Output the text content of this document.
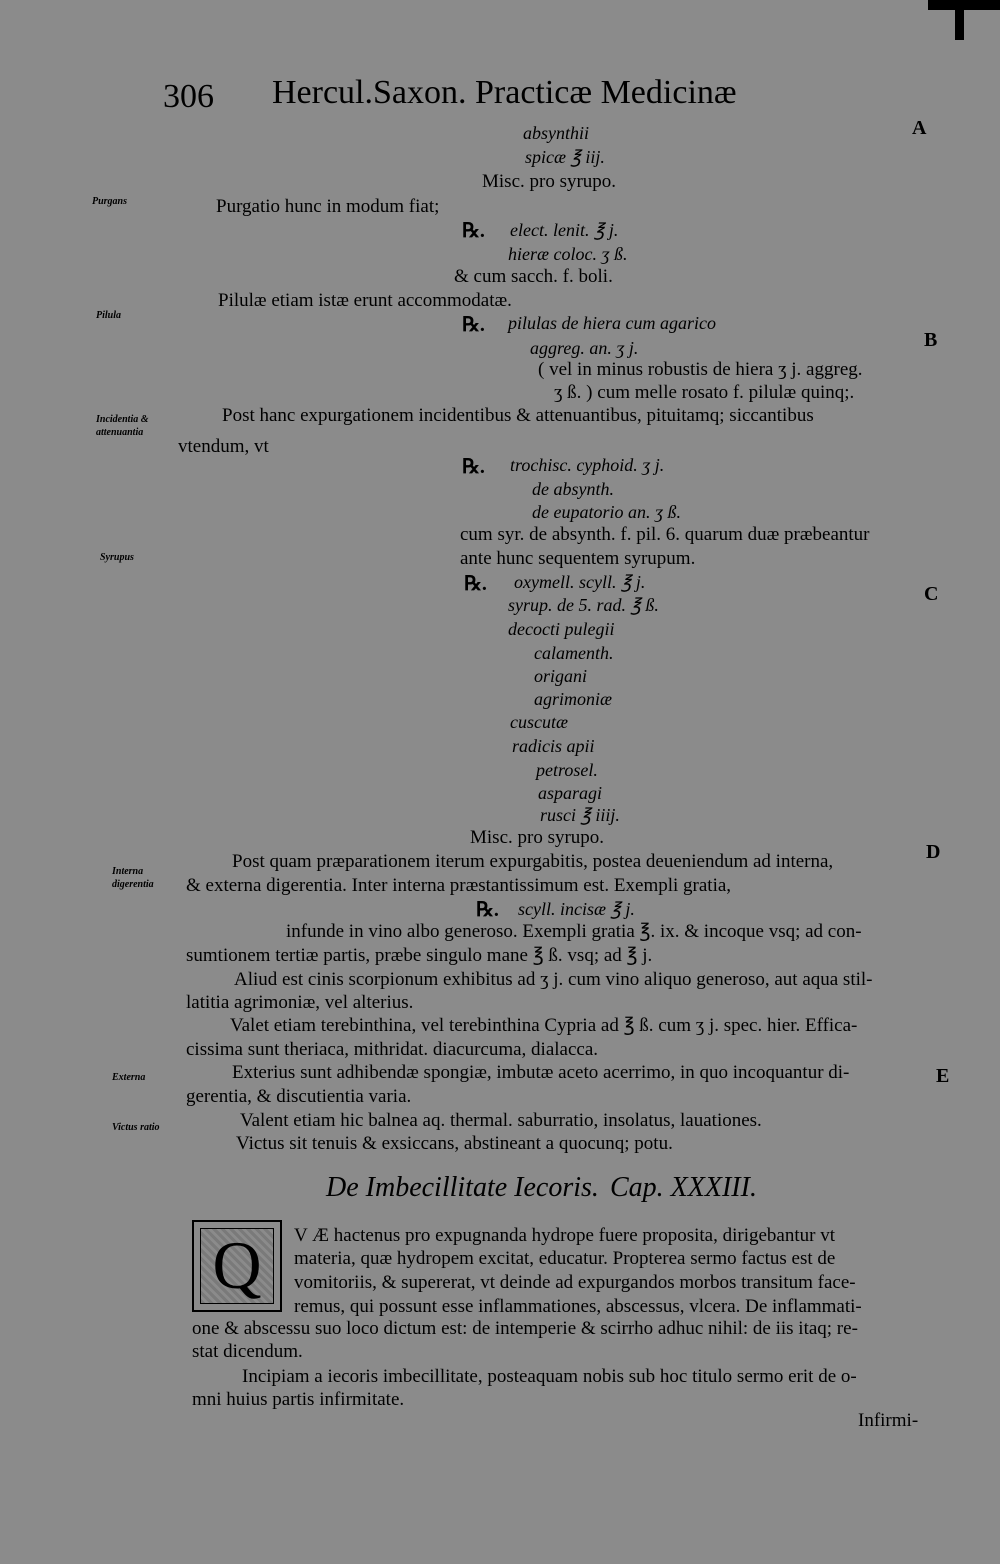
306 Hercul.Saxon. Practicæ Medicinæ
A
B
C
D
E
Purgans
Pilula
Incidentia & attenuantia
Syrupus
Interna digerentia
Externa
Victus ratio
absynthii
spicæ ℥ iij.
Misc. pro syrupo.
Purgatio hunc in modum fiat;
℞. elect. lenit. ℥ j.
hieræ coloc. ʒ ß.
& cum sacch. f. boli.
Pilulæ etiam istæ erunt accommodatæ.
℞. pilulas de hiera cum agarico
aggreg. an. ʒ j.
( vel in minus robustis de hiera ʒ j. aggreg.
ʒ ß. ) cum melle rosato f. pilulæ quinq;.
Post hanc expurgationem incidentibus & attenuantibus, pituitamq; siccantibus
vtendum, vt
℞. trochisc. cyphoid. ʒ j.
de absynth.
de eupatorio an. ʒ ß.
cum syr. de absynth. f. pil. 6. quarum duæ præbeantur
ante hunc sequentem syrupum.
℞. oxymell. scyll. ℥ j.
syrup. de 5. rad. ℥ ß.
decocti pulegii
calamenth.
origani
agrimoniæ
cuscutæ
radicis apii
petrosel.
asparagi
rusci ℥ iiij.
Misc. pro syrupo.
Post quam præparationem iterum expurgabitis, postea deueniendum ad interna,
& externa digerentia. Inter interna præstantissimum est. Exempli gratia,
℞. scyll. incisæ ℥ j.
infunde in vino albo generoso. Exempli gratia ℥. ix. & incoque vsq; ad con-
sumtionem tertiæ partis, præbe singulo mane ℥ ß. vsq; ad ℥ j.
Aliud est cinis scorpionum exhibitus ad ʒ j. cum vino aliquo generoso, aut aqua stil-
latitia agrimoniæ, vel alterius.
Valet etiam terebinthina, vel terebinthina Cypria ad ℥ ß. cum ʒ j. spec. hier. Effica-
cissima sunt theriaca, mithridat. diacurcuma, dialacca.
Exterius sunt adhibendæ spongiæ, imbutæ aceto acerrimo, in quo incoquantur di-
gerentia, & discutientia varia.
Valent etiam hic balnea aq. thermal. saburratio, insolatus, lauationes.
Victus sit tenuis & exsiccans, abstineant a quocunq; potu.
De Imbecillitate Iecoris. Cap. XXXIII.
Q	V Æ hactenus pro expugnanda hydrope fuere proposita, dirigebantur vt
materia, quæ hydropem excitat, educatur. Propterea sermo factus est de
vomitoriis, & supererat, vt deinde ad expurgandos morbos transitum face-
remus, qui possunt esse inflammationes, abscessus, vlcera. De inflammati-
one & abscessu suo loco dictum est: de intemperie & scirrho adhuc nihil: de iis itaq; re-
stat dicendum.
Incipiam a iecoris imbecillitate, posteaquam nobis sub hoc titulo sermo erit de o-
mni huius partis infirmitate.
Infirmi-
